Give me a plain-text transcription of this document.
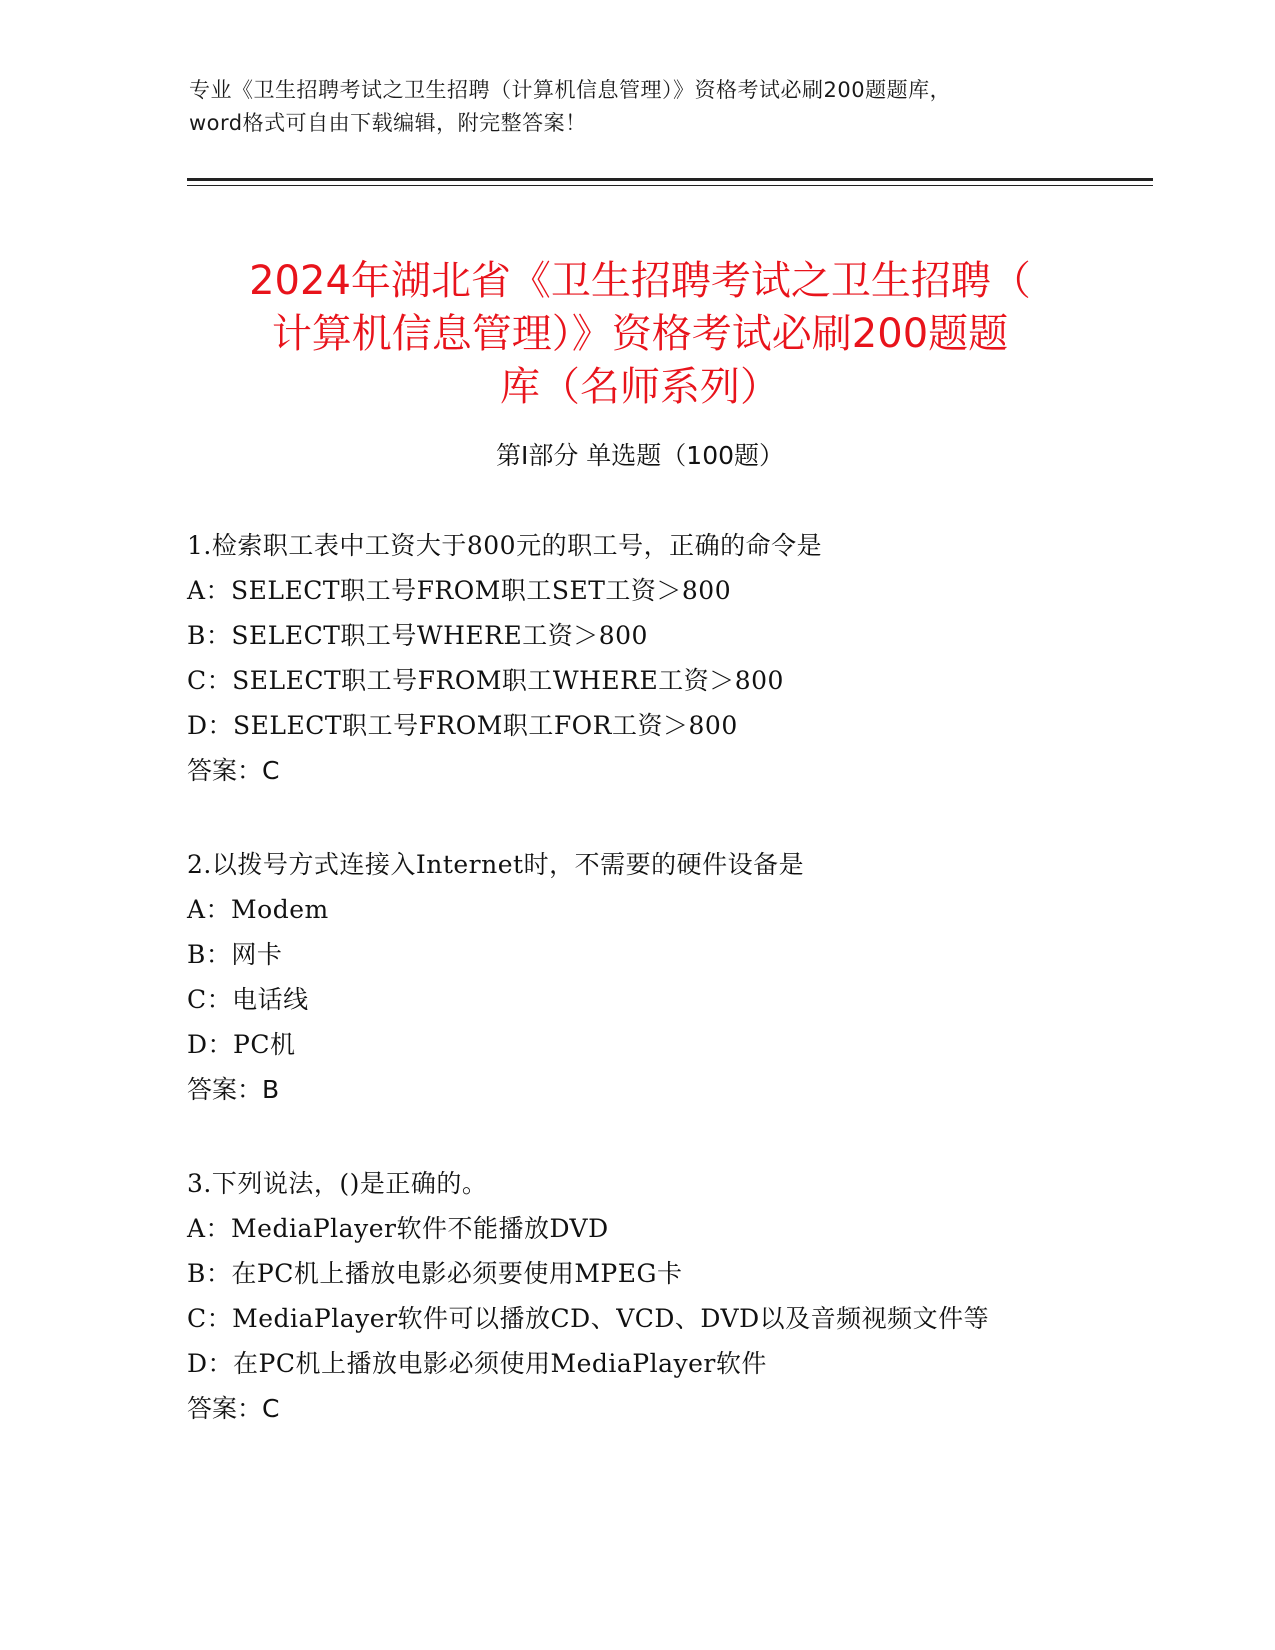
专业《卫生招聘考试之卫生招聘（计算机信息管理）》资格考试必刷200题题库，
word格式可自由下载编辑，附完整答案！
2024年湖北省《卫生招聘考试之卫生招聘（
计算机信息管理）》资格考试必刷200题题
库（名师系列）
第Ⅰ部分 单选题（100题）
1.检索职工表中工资大于800元的职工号，正确的命令是
A：SELECT职工号FROM职工SET工资＞800
B：SELECT职工号WHERE工资＞800
C：SELECT职工号FROM职工WHERE工资＞800
D：SELECT职工号FROM职工FOR工资＞800
答案：C
2.以拨号方式连接入Internet时，不需要的硬件设备是
A：Modem
B：网卡
C：电话线
D：PC机
答案：B
3.下列说法，()是正确的。
A：MediaPlayer软件不能播放DVD
B：在PC机上播放电影必须要使用MPEG卡
C：MediaPlayer软件可以播放CD、VCD、DVD以及音频视频文件等
D：在PC机上播放电影必须使用MediaPlayer软件
答案：C
